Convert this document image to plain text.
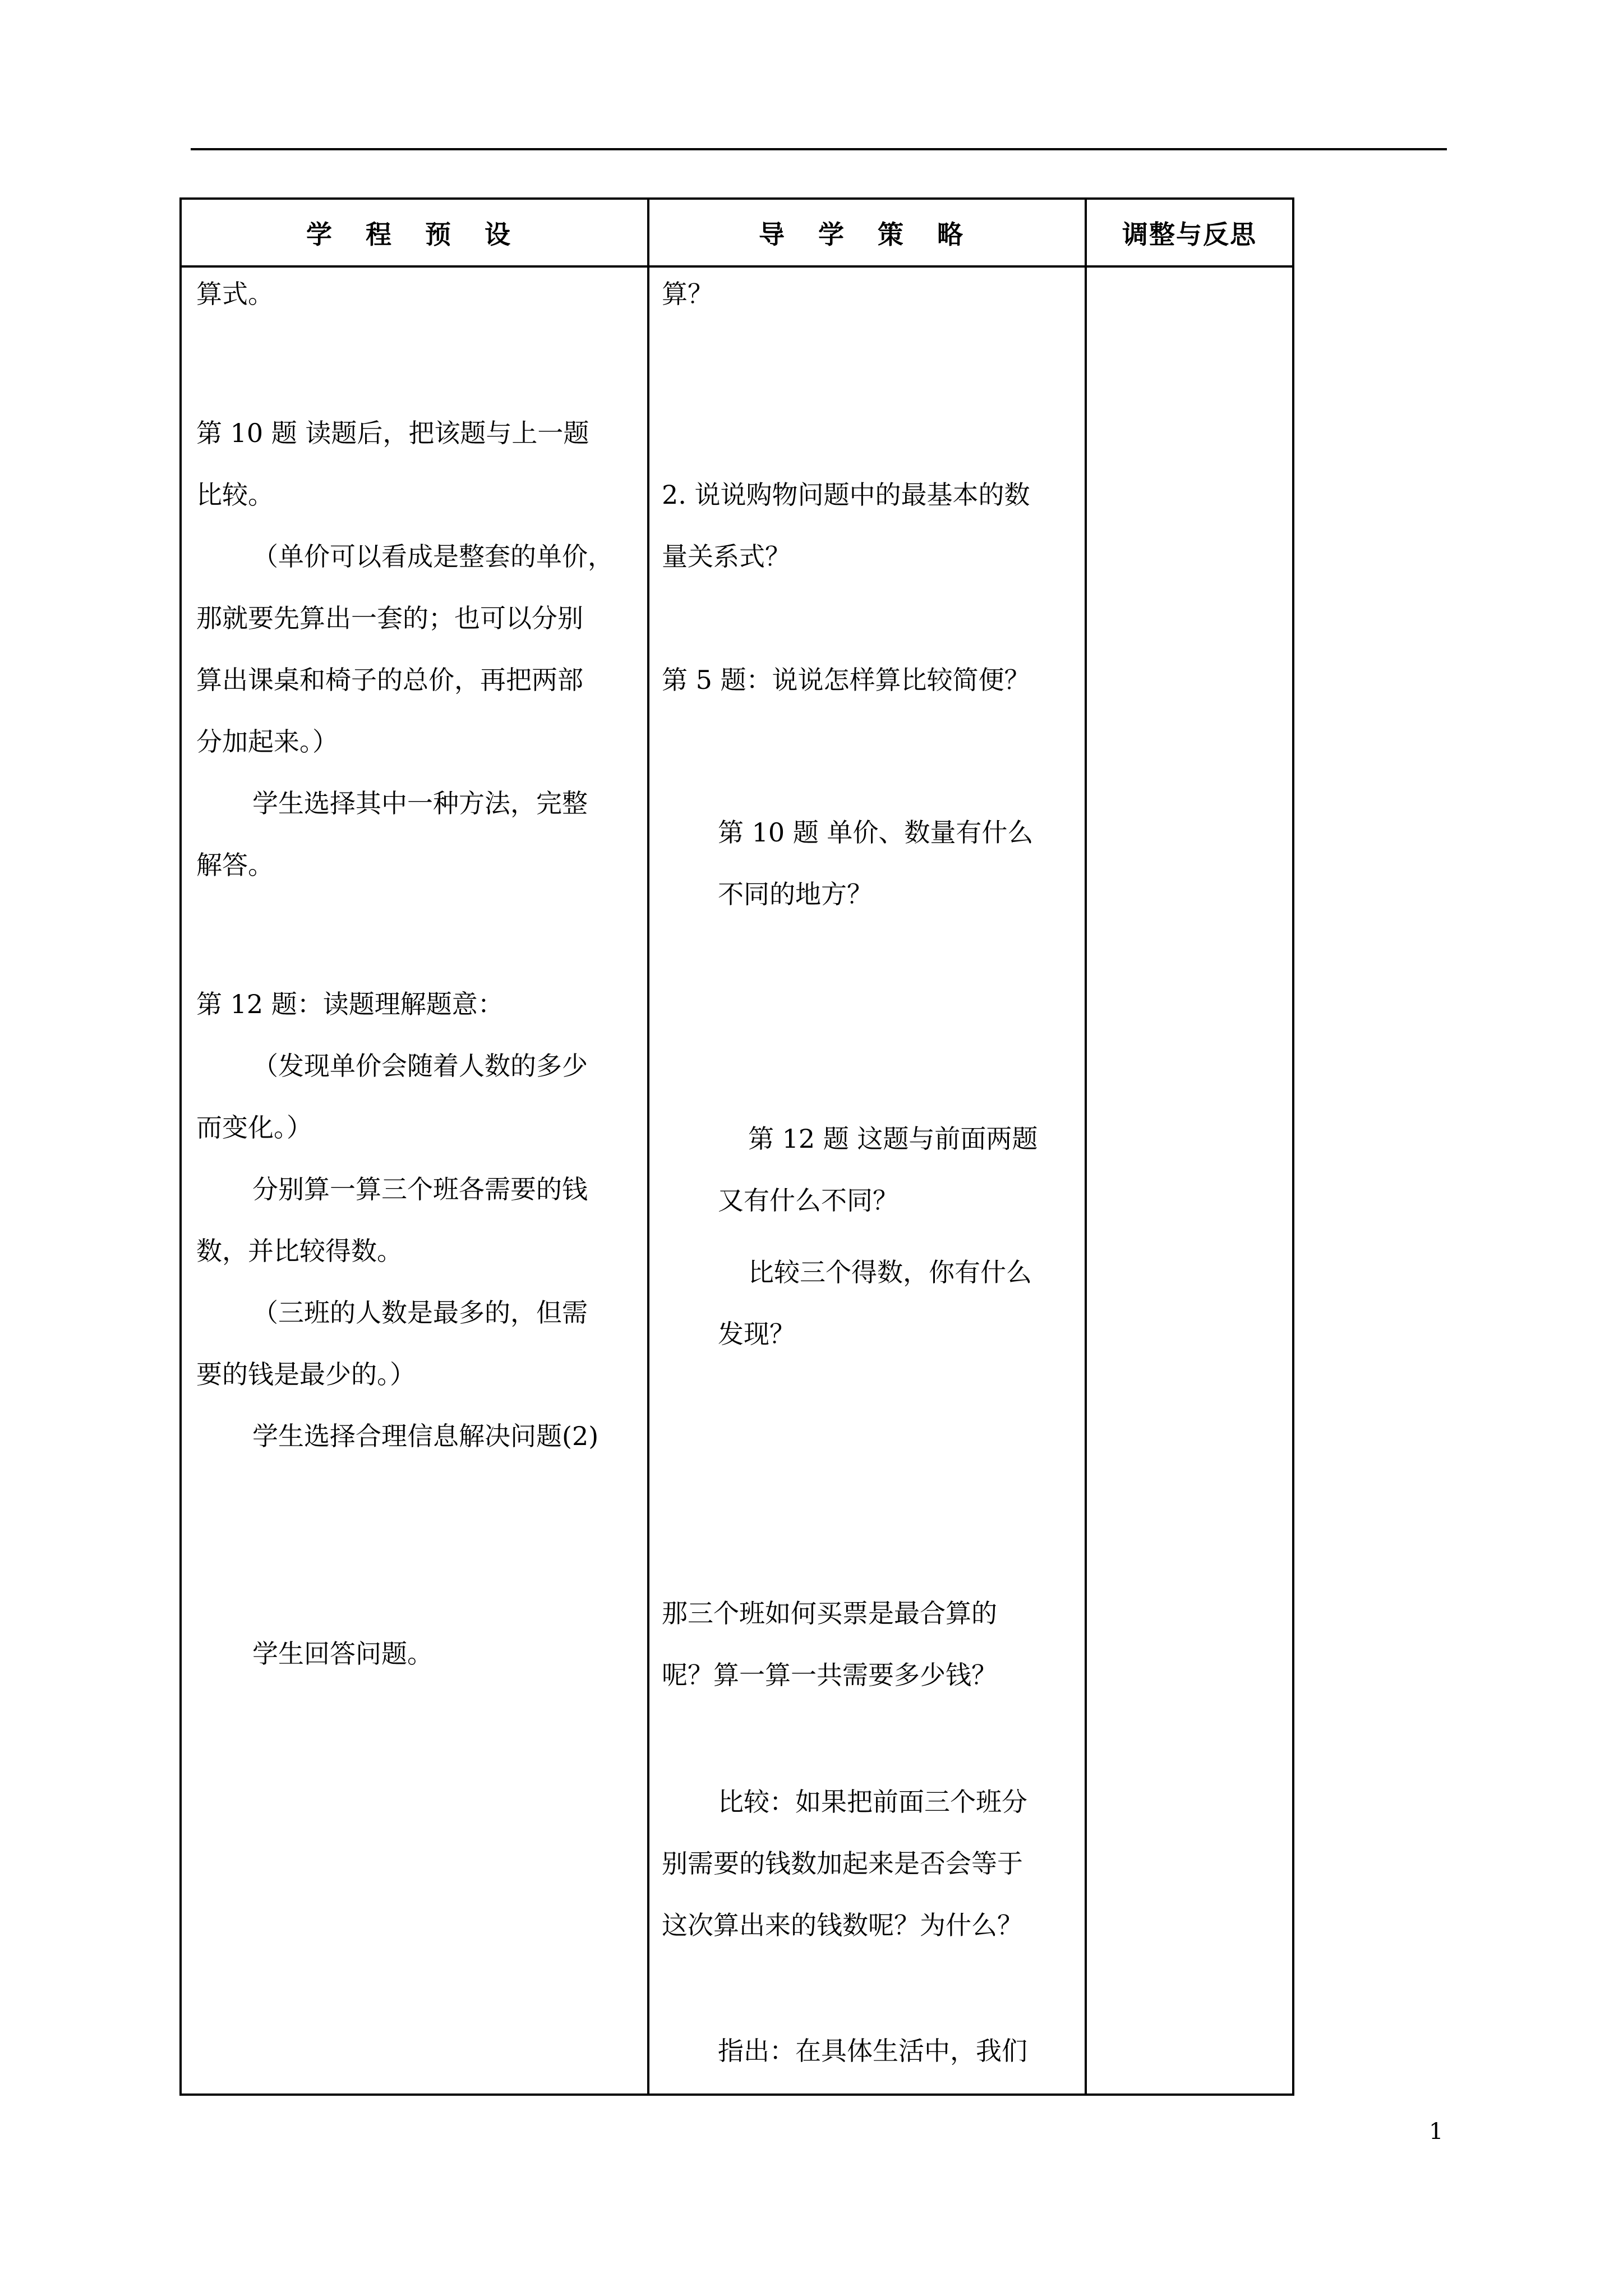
学 程 预 设	导 学 策 略	调整与反思
算式。
第 10 题 读题后，把该题与上一题
比较。
（单价可以看成是整套的单价，
那就要先算出一套的；也可以分别
算出课桌和椅子的总价，再把两部
分加起来。）
学生选择其中一种方法，完整
解答。
第 12 题：读题理解题意：
（发现单价会随着人数的多少
而变化。）
分别算一算三个班各需要的钱
数，并比较得数。
（三班的人数是最多的，但需
要的钱是最少的。）
学生选择合理信息解决问题(2)
学生回答问题。
算？
2. 说说购物问题中的最基本的数
量关系式？
第 5 题：说说怎样算比较简便？
第 10 题 单价、数量有什么
不同的地方？
第 12 题 这题与前面两题
又有什么不同？
比较三个得数，你有什么
发现？
那三个班如何买票是最合算的
呢？算一算一共需要多少钱？
比较：如果把前面三个班分
别需要的钱数加起来是否会等于
这次算出来的钱数呢？为什么？
指出：在具体生活中，我们
1
